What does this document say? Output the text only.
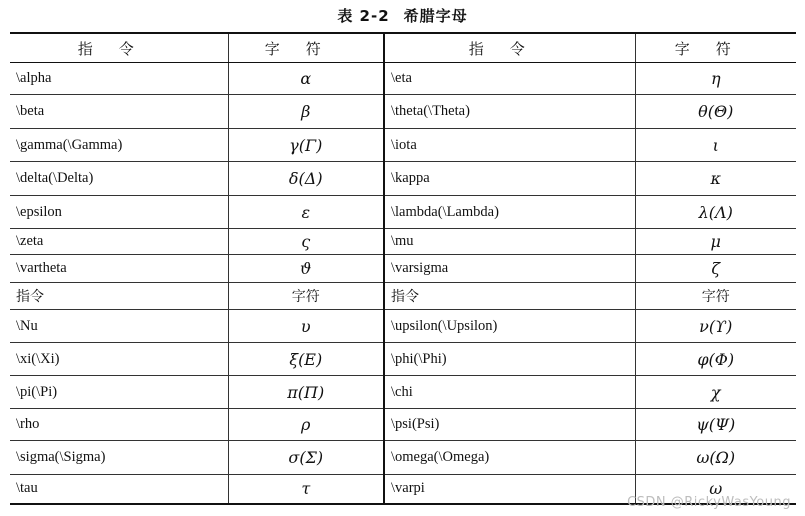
表 2-2 希腊字母
指令	字符	指令	字符
\alpha	α	\eta	η
\beta	β	\theta(\Theta)	θ(Θ)
\gamma(\Gamma)	γ(Γ)	\iota	ι
\delta(\Delta)	δ(Δ)	\kappa	κ
\epsilon	ε	\lambda(\Lambda)	λ(Λ)
\zeta	ς	\mu	μ
\vartheta	ϑ	\varsigma	ζ
指令	字符	指令	字符
\Nu	υ	\upsilon(\Upsilon)	ν(ϒ)
\xi(\Xi)	ξ(Ε)	\phi(\Phi)	φ(Φ)
\pi(\Pi)	π(Π)	\chi	χ
\rho	ρ	\psi(Psi)	ψ(Ψ)
\sigma(\Sigma)	σ(Σ)	\omega(\Omega)	ω(Ω)
\tau	τ	\varpi	ω
CSDN @RickyWasYoung
